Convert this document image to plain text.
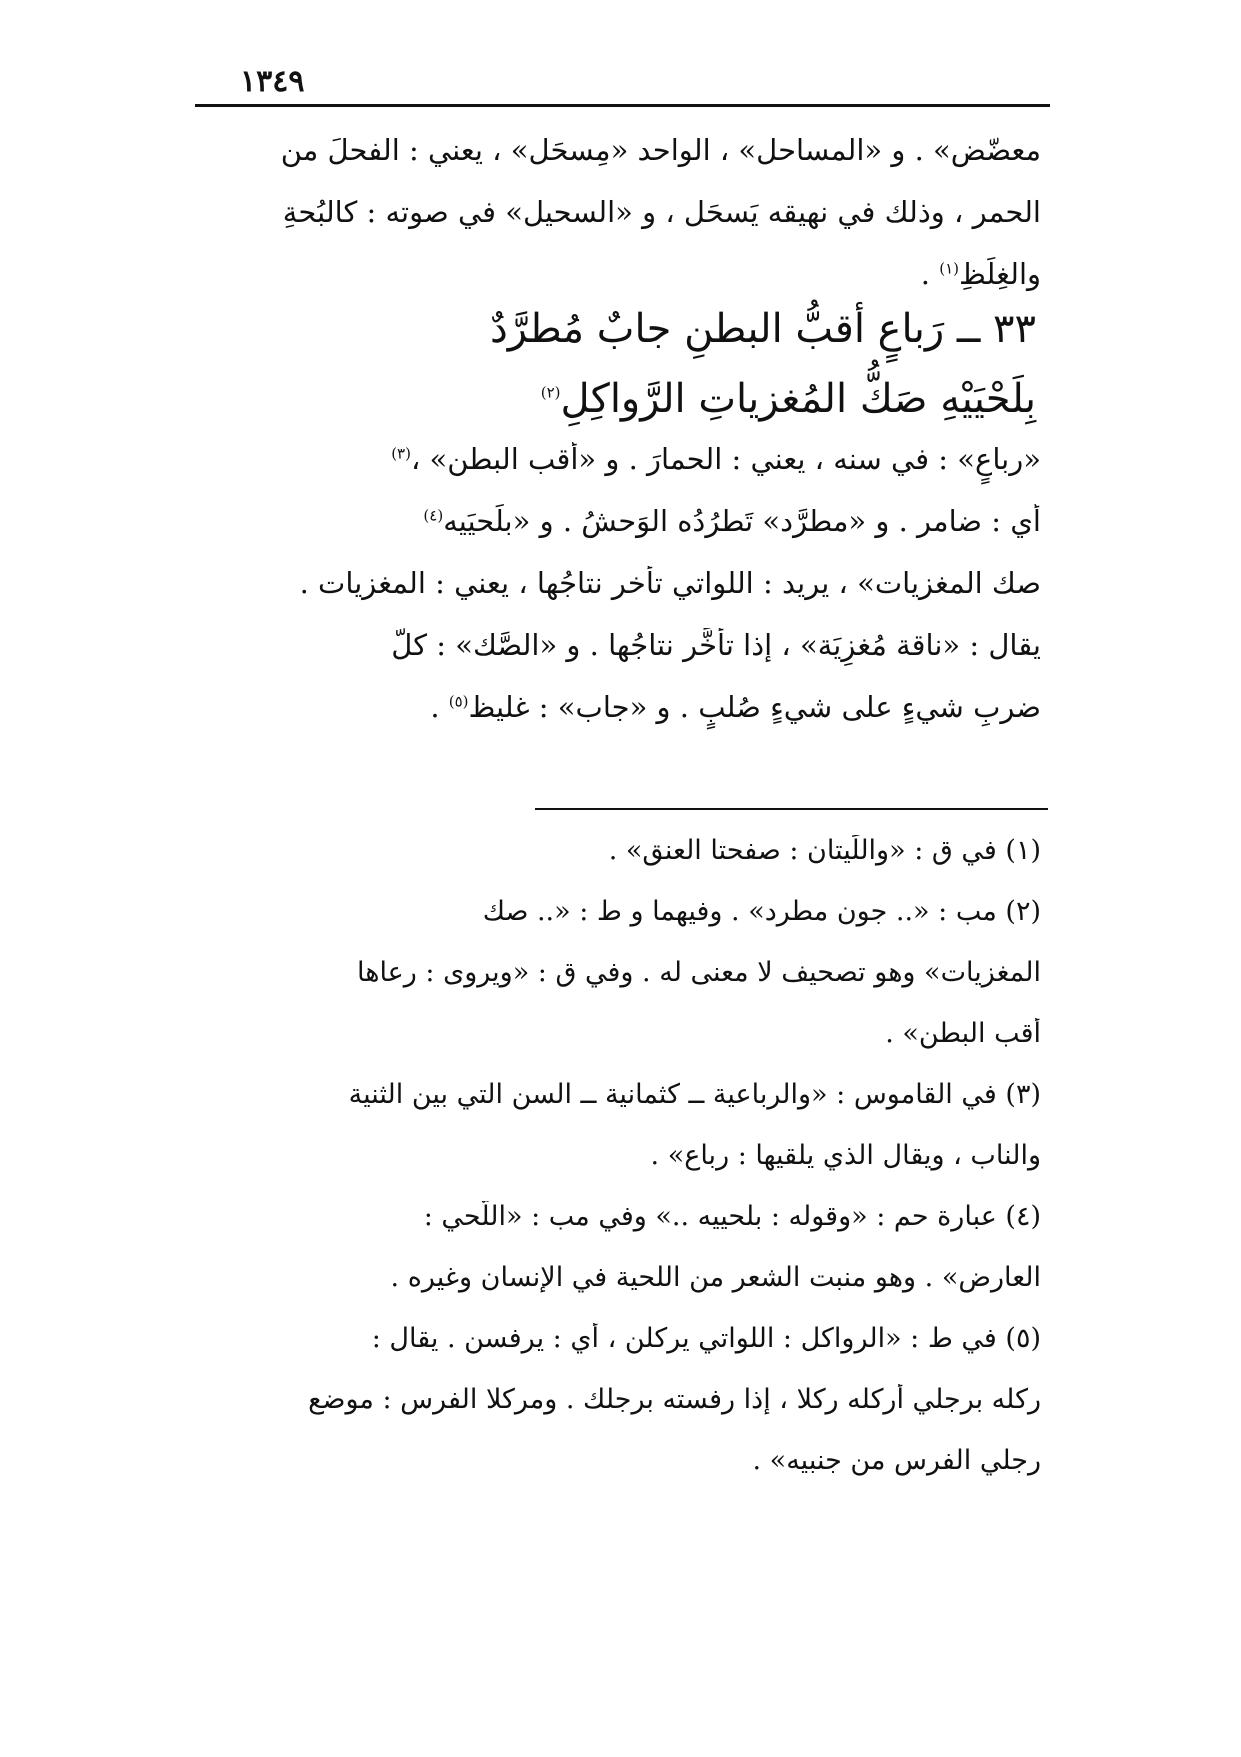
١٣٤٩
معضّض» . و «المساحل» ، الواحد «مِسحَل» ، يعني : الفحلَ من
الحمر ، وذلك في نهيقه يَسحَل ، و «السحيل» في صوته : كالبُحةِ
والغِلَظِ$^{(١)}$ .
٣٣ ــ رَباعٍ أقبُّ البطنِ جابٌ مُطرَّدٌ
بِلَحْيَيْهِ صَكُّ المُغزياتِ الرَّواكِلِ$^{(٢)}$
«رباعٍ» : في سنه ، يعني : الحمارَ . و «أقب البطن» ،$^{(٣)}$
أي : ضامر . و «مطرَّد» تَطرُدُه الوَحشُ . و «بلَحيَيه$^{(٤)}$
صك المغزيات» ، يريد : اللواتي تأخر نتاجُها ، يعني : المغزيات .
يقال : «ناقة مُغزِيَة» ، إذا تأخَّر نتاجُها . و «الصَّك» : كلُّ
ضربِ شيءٍ على شيءٍ صُلبٍ . و «جاب» : غليظ$^{(٥)}$ .
(١) في ق : «واللِّيتان : صفحتا العنق» .
(٢) مب : «.. جون مطرد» . وفيهما و ط : «.. صك
المغزيات» وهو تصحيف لا معنى له . وفي ق : «ويروى : رعاها
أقب البطن» .
(٣) في القاموس : «والرباعية ــ كثمانية ــ السن التي بين الثنية
والناب ، ويقال الذي يلقيها : رباع» .
(٤) عبارة حم : «وقوله : بلحييه ..» وفي مب : «اللَّحي :
العارض» . وهو منبت الشعر من اللحية في الإنسان وغيره .
(٥) في ط : «الرواكل : اللواتي يركلن ، أي : يرفسن . يقال :
ركله برجلي أركله ركلا ، إذا رفسته برجلك . ومركلا الفرس : موضع
رجلي الفرس من جنبيه» .
